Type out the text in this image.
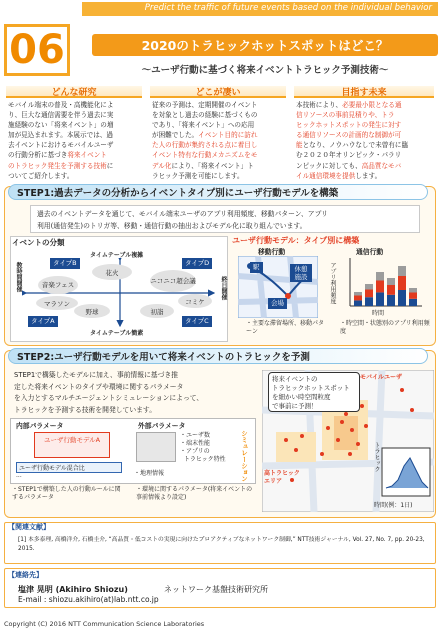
Predict the traffic of future events based on the individual behavior
06	2020のトラヒックホットスポットはどこ？
〜ユーザ行動に基づく将来イベントトラヒック予測技術〜
どんな研究	どこが凄い	目指す未来
モバイル端末の普及・高機能化によ
り、巨大な通信需要を伴う過去に実
施経験のない「将来イベント」の増
加が見込まれます。本展示では、過
去イベントにおけるモバイルユーザ
の行動分析に基づき将来イベント
のトラヒック発生を予測する技術に
ついてご紹介します。
従来の予測は、定期開催のイベント
を対象とし過去の経験に基づくもの
であり、「将来イベント」への応用
が困難でした。イベント目的に訪れ
た人の行動が集約される点に着目し
イベント特有な行動メカニズムをモ
デル化により、「将来イベント」ト
ラヒック予測を可能にします。
本技術により、必要最小限となる通
信リソースの事前見積りや、トラ
ヒックホットスポットの発生に対す
る通信リソースの計画的な制御が可
能となり、ノウハウなしで未曾有に臨
む２０２０年オリンピック・パラリ
ンピックに対しても、高品質なモバ
イル通信環境を提供します。
STEP1:過去データの分析からイベントタイプ別にユーザ行動モデルを構築
過去のイベントデータを通じて、モバイル端末ユーザのアプリ利用頻度、移動パターン、アプリ
利用(通信発生)のトリガ等、移動・通信行動の抽出およびモデル化に取り組んでいます。
イベントの分類
タイムテーブル複雑
タイムテーブル簡素
数時間開催	終日開催
花火
音楽フェス	ニコニコ超会議
マラソン
野球	初詣
コミケ
タイプB	タイプD
タイプA	タイプC
ユーザ行動モデル：タイプ別に構築
移動行動	通信行動
駅	休憩施設
会場	アプリ利用頻度
時間
・主要な滞留場所、移動パターン
・時空間・状態別のアプリ利用頻度
STEP2:ユーザ行動モデルを用いて将来イベントのトラヒックを予測
STEP1で構築したモデルに加え、事前情報に基づき推
定した将来イベントのタイプや環境に関するパラメータ
を入力とするマルチエージェントシミュレーションによって、
トラヒックを予測する技術を開発しています。
内部パラメータ
ユーザ行動モデルA
ユーザ行動モデル混合比
...
外部パラメータ
・ユーザ数
・端末性能
・アプリの
トラヒック特性
・地理情報
・STEP1で構築した人の行動ルールに関するパラメータ
・環境に関するパラメータ(将来イベントの事前情報より設定)
シミュレーション
将来イベントの
トラヒックホットスポット
を細かい時空間粒度
で事前に予測！
モバイルユーザ
高トラヒック
エリア
時間(例：1日)
トラヒック
【関連文献】
[1] 本多泰理, 高橋洋介, 石橋圭介, “高品質・低コストの実現に向けたプロアクティブなネットワーク制御,” NTT技術ジャーナル, Vol. 27, No. 7, pp. 20-23, 2015.
【連絡先】
塩津 晃明 (Akihiro Shiozu)	ネットワーク基盤技術研究所
E-mail : shiozu.akihiro(at)lab.ntt.co.jp
Copyright (C) 2016 NTT Communication Science Laboratories
